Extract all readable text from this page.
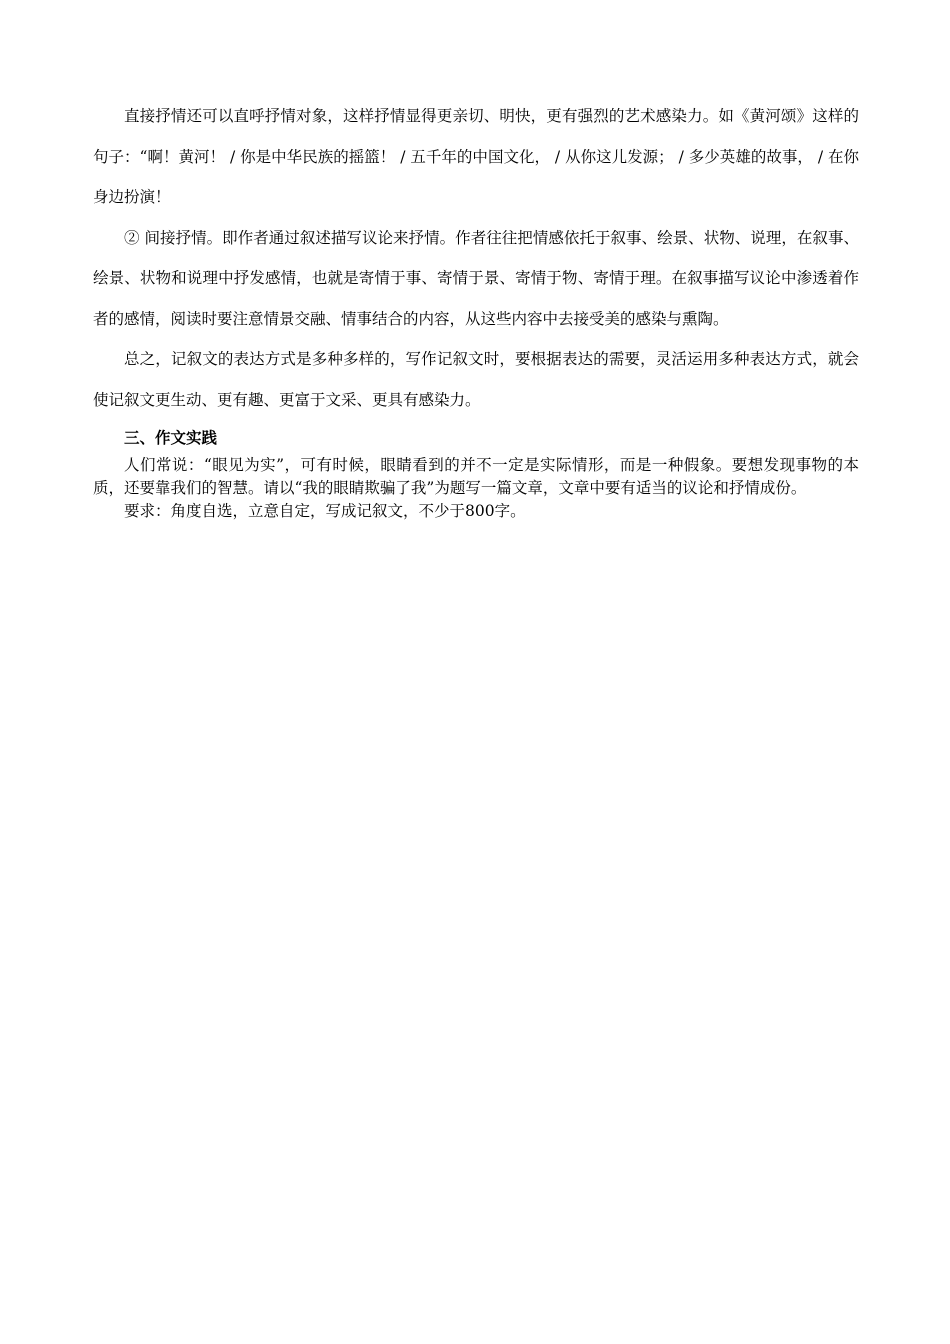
直接抒情还可以直呼抒情对象，这样抒情显得更亲切、明快，更有强烈的艺术感染力。如《黄河颂》这样的句子：“啊！黄河！ / 你是中华民族的摇篮！ / 五千年的中国文化， / 从你这儿发源； / 多少英雄的故事， / 在你身边扮演！

② 间接抒情。即作者通过叙述描写议论来抒情。作者往往把情感依托于叙事、绘景、状物、说理，在叙事、绘景、状物和说理中抒发感情，也就是寄情于事、寄情于景、寄情于物、寄情于理。在叙事描写议论中渗透着作者的感情，阅读时要注意情景交融、情事结合的内容，从这些内容中去接受美的感染与熏陶。

总之，记叙文的表达方式是多种多样的，写作记叙文时，要根据表达的需要，灵活运用多种表达方式，就会使记叙文更生动、更有趣、更富于文采、更具有感染力。

三、作文实践

人们常说：“眼见为实”，可有时候，眼睛看到的并不一定是实际情形，而是一种假象。要想发现事物的本质，还要靠我们的智慧。请以“我的眼睛欺骗了我”为题写一篇文章，文章中要有适当的议论和抒情成份。

要求：角度自选，立意自定，写成记叙文，不少于800字。
